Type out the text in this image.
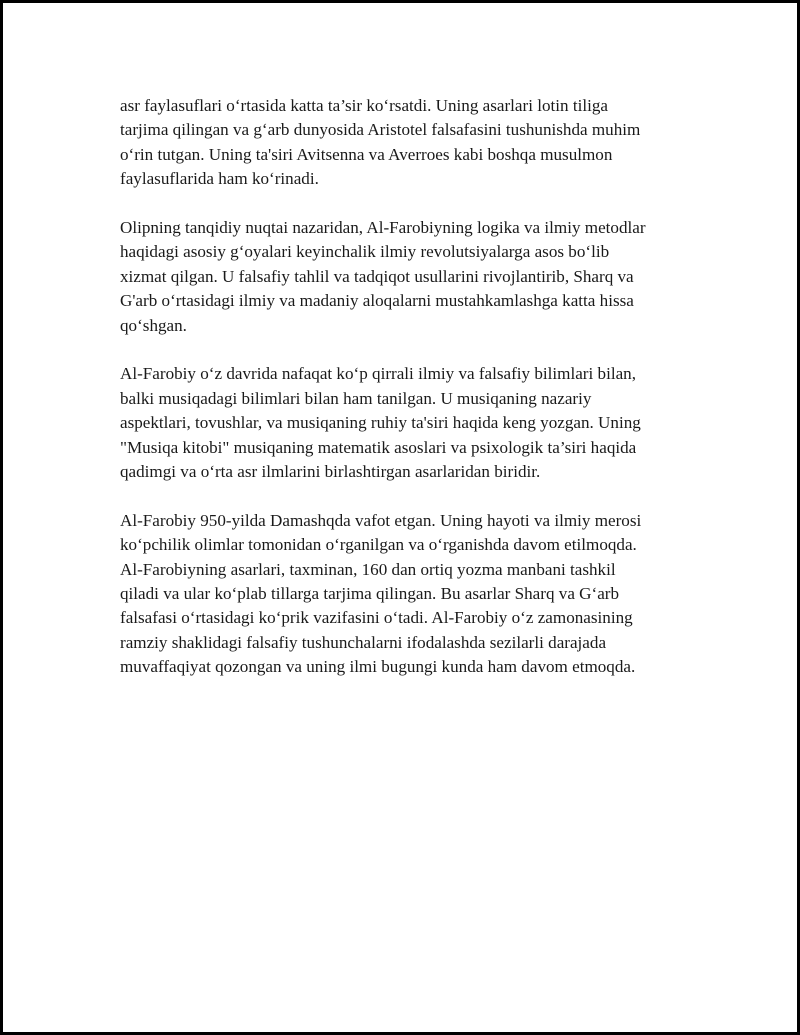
asr faylasuflari o‘rtasida katta ta’sir ko‘rsatdi. Uning asarlari lotin tiliga
tarjima qilingan va g‘arb dunyosida Aristotel falsafasini tushunishda muhim
o‘rin tutgan. Uning ta'siri Avitsenna va Averroes kabi boshqa musulmon
faylasuflarida ham ko‘rinadi.

Olipning tanqidiy nuqtai nazaridan, Al-Farobiyning logika va ilmiy metodlar
haqidagi asosiy g‘oyalari keyinchalik ilmiy revolutsiyalarga asos bo‘lib
xizmat qilgan. U falsafiy tahlil va tadqiqot usullarini rivojlantirib, Sharq va
G'arb o‘rtasidagi ilmiy va madaniy aloqalarni mustahkamlashga katta hissa
qo‘shgan.

Al-Farobiy o‘z davrida nafaqat ko‘p qirrali ilmiy va falsafiy bilimlari bilan,
balki musiqadagi bilimlari bilan ham tanilgan. U musiqaning nazariy
aspektlari, tovushlar, va musiqaning ruhiy ta'siri haqida keng yozgan. Uning
"Musiqa kitobi" musiqaning matematik asoslari va psixologik ta’siri haqida
qadimgi va o‘rta asr ilmlarini birlashtirgan asarlaridan biridir.

Al-Farobiy 950-yilda Damashqda vafot etgan. Uning hayoti va ilmiy merosi
ko‘pchilik olimlar tomonidan o‘rganilgan va o‘rganishda davom etilmoqda.
Al-Farobiyning asarlari, taxminan, 160 dan ortiq yozma manbani tashkil
qiladi va ular ko‘plab tillarga tarjima qilingan. Bu asarlar Sharq va G‘arb
falsafasi o‘rtasidagi ko‘prik vazifasini o‘tadi. Al-Farobiy o‘z zamonasining
ramziy shaklidagi falsafiy tushunchalarni ifodalashda sezilarli darajada
muvaffaqiyat qozongan va uning ilmi bugungi kunda ham davom etmoqda.
